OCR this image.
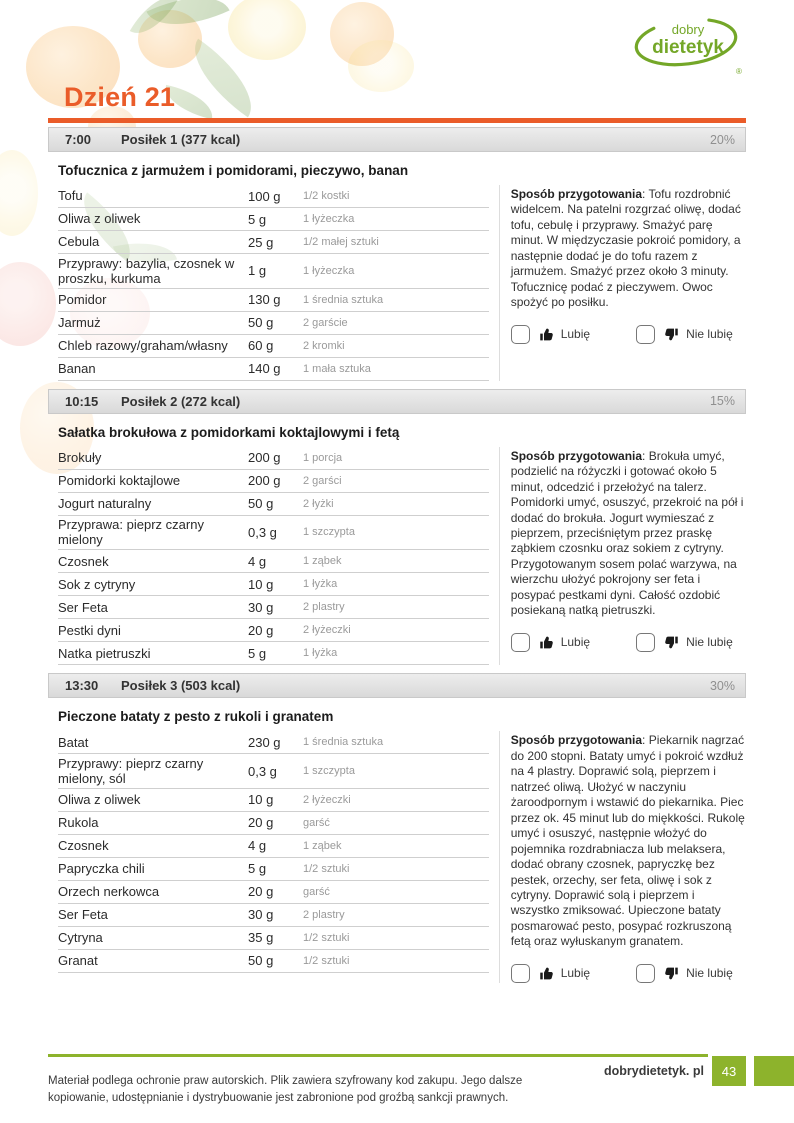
dobry
dietetyk
®
Dzień 21
7:00	Posiłek 1 (377 kcal)	20%
Tofucznica z jarmużem i pomidorami, pieczywo, banan
Tofu	100 g	1/2 kostki
Oliwa z oliwek	5 g	1 łyżeczka
Cebula	25 g	1/2 małej sztuki
Przyprawy: bazylia, czosnek w proszku, kurkuma	1 g	1 łyżeczka
Pomidor	130 g	1 średnia sztuka
Jarmuż	50 g	2 garście
Chleb razowy/graham/własny	60 g	2 kromki
Banan	140 g	1 mała sztuka

Sposób przygotowania: Tofu rozdrobnić widelcem. Na patelni rozgrzać oliwę, dodać tofu, cebulę i przyprawy. Smażyć parę minut. W międzyczasie pokroić pomidory, a następnie dodać je do tofu razem z jarmużem. Smażyć przez około 3 minuty. Tofucznicę podać z pieczywem. Owoc spożyć po posiłku.

Lubię	Nie lubię
10:15	Posiłek 2 (272 kcal)	15%
Sałatka brokułowa z pomidorkami koktajlowymi i fetą
Brokuły	200 g	1 porcja
Pomidorki koktajlowe	200 g	2 garści
Jogurt naturalny	50 g	2 łyżki
Przyprawa: pieprz czarny mielony	0,3 g	1 szczypta
Czosnek	4 g	1 ząbek
Sok z cytryny	10 g	1 łyżka
Ser Feta	30 g	2 plastry
Pestki dyni	20 g	2 łyżeczki
Natka pietruszki	5 g	1 łyżka

Sposób przygotowania: Brokuła umyć, podzielić na różyczki i gotować około 5 minut, odcedzić i przełożyć na talerz. Pomidorki umyć, osuszyć, przekroić na pół i dodać do brokuła. Jogurt wymieszać z pieprzem, przeciśniętym przez praskę ząbkiem czosnku oraz sokiem z cytryny. Przygotowanym sosem polać warzywa, na wierzchu ułożyć pokrojony ser feta i posypać pestkami dyni. Całość ozdobić posiekaną natką pietruszki.

Lubię	Nie lubię
13:30	Posiłek 3 (503 kcal)	30%
Pieczone bataty z pesto z rukoli i granatem
Batat	230 g	1 średnia sztuka
Przyprawy: pieprz czarny mielony, sól	0,3 g	1 szczypta
Oliwa z oliwek	10 g	2 łyżeczki
Rukola	20 g	garść
Czosnek	4 g	1 ząbek
Papryczka chili	5 g	1/2 sztuki
Orzech nerkowca	20 g	garść
Ser Feta	30 g	2 plastry
Cytryna	35 g	1/2 sztuki
Granat	50 g	1/2 sztuki

Sposób przygotowania: Piekarnik nagrzać do 200 stopni. Bataty umyć i pokroić wzdłuż na 4 plastry. Doprawić solą, pieprzem i natrzeć oliwą. Ułożyć w naczyniu żaroodpornym i wstawić do piekarnika. Piec przez ok. 45 minut lub do miękkości. Rukolę umyć i osuszyć, następnie włożyć do pojemnika rozdrabniacza lub melaksera, dodać obrany czosnek, papryczkę bez pestek, orzechy, ser feta, oliwę i sok z cytryny. Doprawić solą i pieprzem i wszystko zmiksować. Upieczone bataty posmarować pesto, posypać rozkruszoną fetą oraz wyłuskanym granatem.

Lubię	Nie lubię

Materiał podlega ochronie praw autorskich. Plik zawiera szyfrowany kod zakupu. Jego dalsze kopiowanie, udostępnianie i dystrybuowanie jest zabronione pod groźbą sankcji prawnych.

dobrydietetyk. pl	43
